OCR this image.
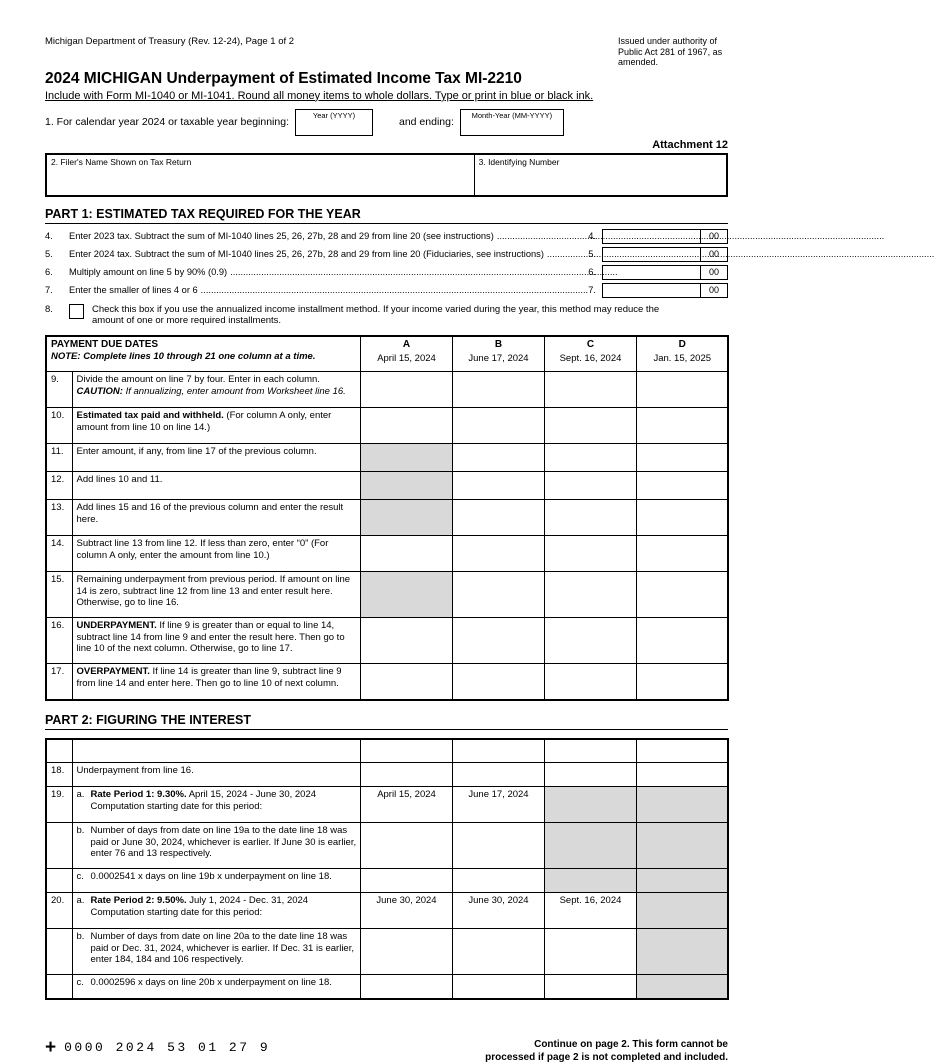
Michigan Department of Treasury (Rev. 12-24), Page 1 of 2	Issued under authority of Public Act 281 of 1967, as amended.
2024 MICHIGAN Underpayment of Estimated Income Tax MI-2210
Include with Form MI-1040 or MI-1041. Round all money items to whole dollars. Type or print in blue or black ink.
1. For calendar year 2024 or taxable year beginning:
Year (YYYY)
and ending:
Month-Year (MM-YYYY)
Attachment 12
2. Filer's Name Shown on Tax Return	3. Identifying Number
PART 1: ESTIMATED TAX REQUIRED FOR THE YEAR
4.	Enter 2023 tax. Subtract the sum of MI-1040 lines 25, 26, 27b, 28 and 29 from line 20 (see instructions) .....	4.	00
5.	Enter 2024 tax. Subtract the sum of MI-1040 lines 25, 26, 27b, 28 and 29 from line 20 (Fiduciaries, see instructions) .....	5.	00
6.	Multiply amount on line 5 by 90% (0.9) .....	6.	00
7.	Enter the smaller of lines 4 or 6 .....	7.	00
8.	Check this box if you use the annualized income installment method. If your income varied during the year, this method may reduce the amount of one or more required installments.
PAYMENT DUE DATES
NOTE: Complete lines 10 through 21 one column at a time.

A
April 15, 2024

B
June 17, 2024

C
Sept. 16, 2024

D
Jan. 15, 2025

9.	Divide the amount on line 7 by four. Enter in each column.
CAUTION: If annualizing, enter amount from Worksheet line 16.				

10.	Estimated tax paid and withheld. (For column A only, enter amount from line 10 on line 14.)				
11.	Enter amount, if any, from line 17 of the previous column.				
12.	Add lines 10 and 11.				
13.	Add lines 15 and 16 of the previous column and enter the result here.				
14.	Subtract line 13 from line 12. If less than zero, enter “0” (For column A only, enter the amount from line 10.)				
15.	Remaining underpayment from previous period. If amount on line 14 is zero, subtract line 12 from line 13 and enter result here. Otherwise, go to line 16.				
16.	UNDERPAYMENT. If line 9 is greater than or equal to line 14, subtract line 14 from line 9 and enter the result here. Then go to line 10 of the next column. Otherwise, go to line 17.				
17.	OVERPAYMENT. If line 14 is greater than line 9, subtract line 9 from line 14 and enter here. Then go to line 10 of next column.				
PART 2: FIGURING THE INTEREST

18.	Underpayment from line 16.				
19.	a. Rate Period 1: 9.30%. April 15, 2024 - June 30, 2024
Computation starting date for this period:	April 15, 2024	June 17, 2024		

	b. Number of days from date on line 19a to the date line 18 was paid or June 30, 2024, whichever is earlier. If June 30 is earlier, enter 76 and 13 respectively.				

	c. 0.0002541 x days on line 19b x underpayment on line 18.				

20.	a. Rate Period 2: 9.50%. July 1, 2024 - Dec. 31, 2024
Computation starting date for this period:	June 30, 2024	June 30, 2024	Sept. 16, 2024	

	b. Number of days from date on line 20a to the date line 18 was paid or Dec. 31, 2024, whichever is earlier. If Dec. 31 is earlier, enter 184, 184 and 106 respectively.				

	c. 0.0002596 x days on line 20b x underpayment on line 18.				

+ 0000 2024 53 01 27 9	Continue on page 2. This form cannot be
processed if page 2 is not completed and included.
